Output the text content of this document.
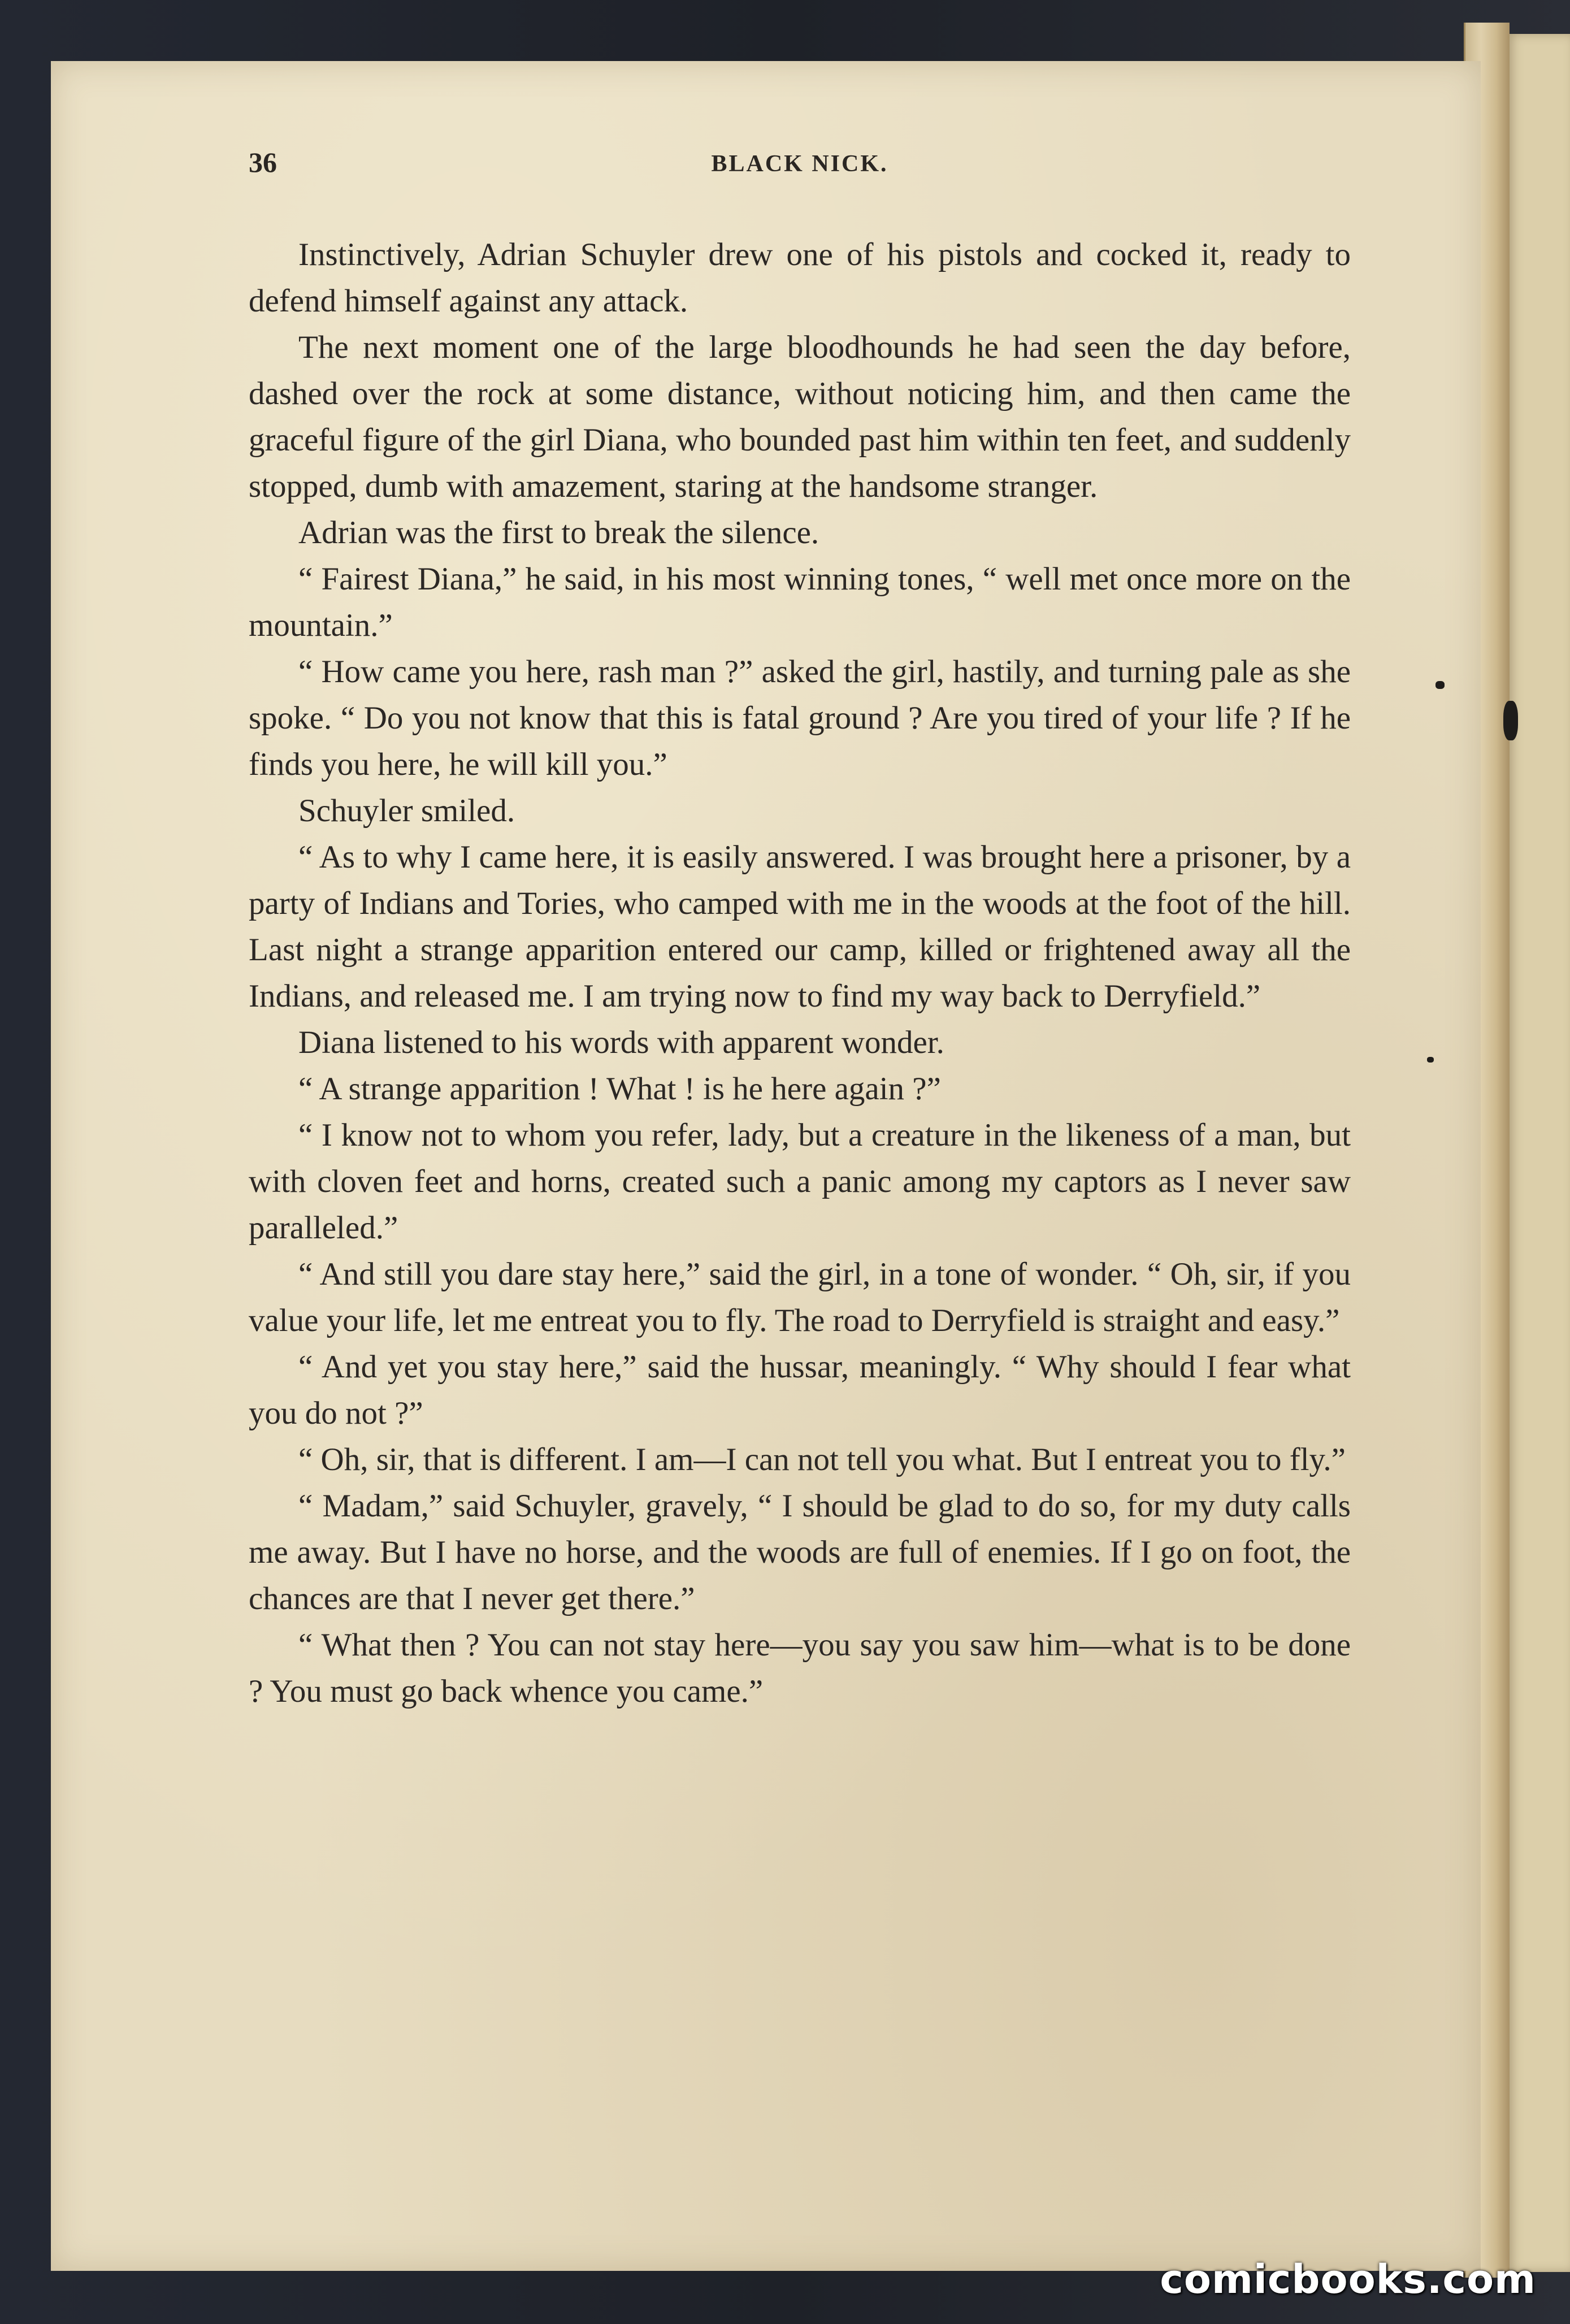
36	BLACK NICK.

Instinctively, Adrian Schuyler drew one of his pistols and cocked it, ready to defend himself against any attack.

The next moment one of the large bloodhounds he had seen the day before, dashed over the rock at some distance, without noticing him, and then came the graceful figure of the girl Diana, who bounded past him within ten feet, and suddenly stopped, dumb with amazement, staring at the handsome stranger.

Adrian was the first to break the silence.

“ Fairest Diana,” he said, in his most winning tones, “ well met once more on the mountain.”

“ How came you here, rash man ?” asked the girl, hastily, and turning pale as she spoke. “ Do you not know that this is fatal ground ? Are you tired of your life ? If he finds you here, he will kill you.”

Schuyler smiled.

“ As to why I came here, it is easily answered. I was brought here a prisoner, by a party of Indians and Tories, who camped with me in the woods at the foot of the hill. Last night a strange apparition entered our camp, killed or frightened away all the Indians, and released me. I am trying now to find my way back to Derryfield.”

Diana listened to his words with apparent wonder.

“ A strange apparition ! What ! is he here again ?”

“ I know not to whom you refer, lady, but a creature in the likeness of a man, but with cloven feet and horns, created such a panic among my captors as I never saw paralleled.”

“ And still you dare stay here,” said the girl, in a tone of wonder. “ Oh, sir, if you value your life, let me entreat you to fly. The road to Derryfield is straight and easy.”

“ And yet you stay here,” said the hussar, meaningly. “ Why should I fear what you do not ?”

“ Oh, sir, that is different. I am—I can not tell you what. But I entreat you to fly.”

“ Madam,” said Schuyler, gravely, “ I should be glad to do so, for my duty calls me away. But I have no horse, and the woods are full of enemies. If I go on foot, the chances are that I never get there.”

“ What then ? You can not stay here—you say you saw him—what is to be done ? You must go back whence you came.”

comicbooks.com
